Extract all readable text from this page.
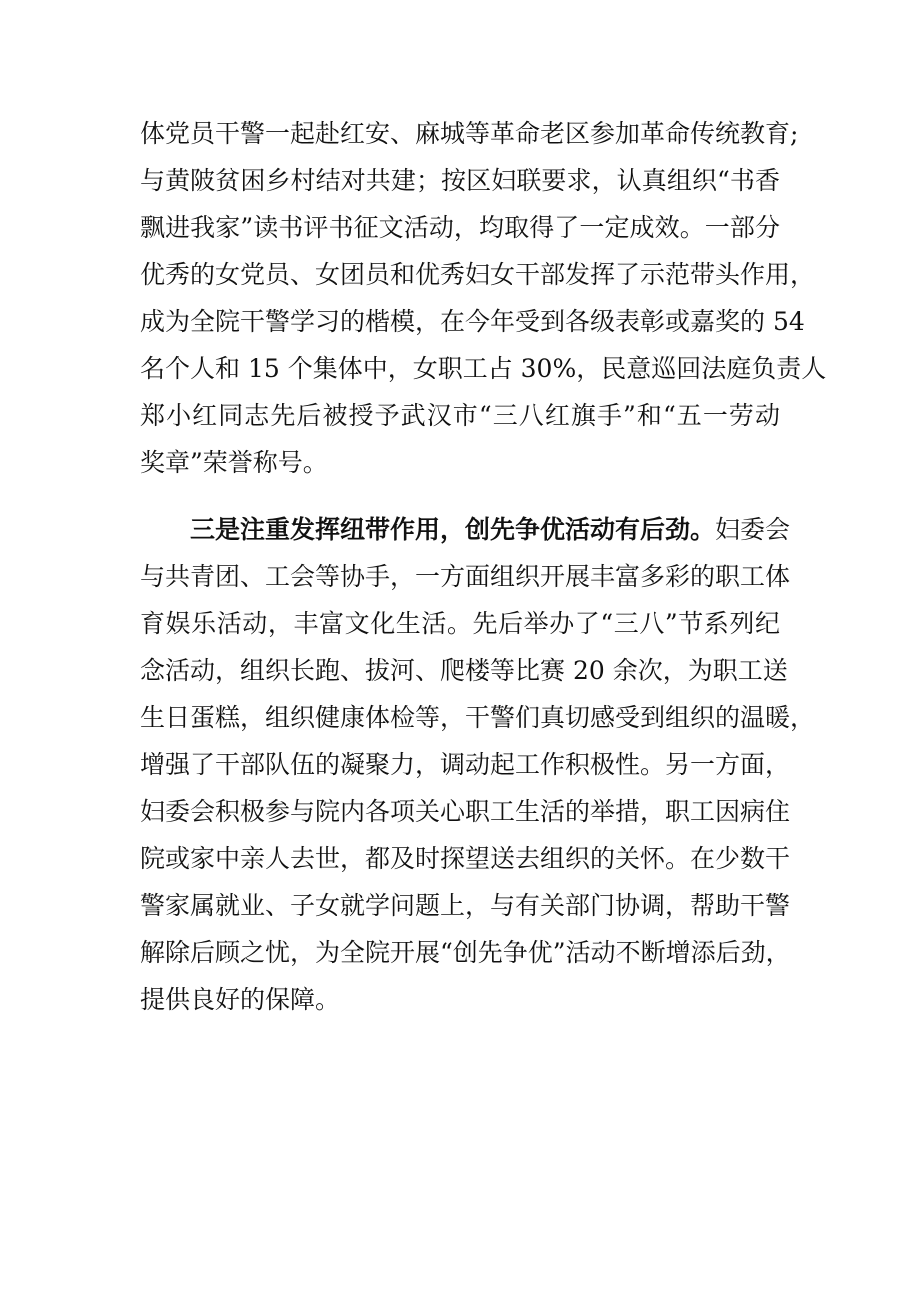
体党员干警一起赴红安、麻城等革命老区参加革命传统教育;
与黄陂贫困乡村结对共建；按区妇联要求，认真组织“书香
飘进我家”读书评书征文活动，均取得了一定成效。一部分
优秀的女党员、女团员和优秀妇女干部发挥了示范带头作用，
成为全院干警学习的楷模，在今年受到各级表彰或嘉奖的 54
名个人和 15 个集体中，女职工占 30%，民意巡回法庭负责人
郑小红同志先后被授予武汉市“三八红旗手”和“五一劳动
奖章”荣誉称号。
三是注重发挥纽带作用，创先争优活动有后劲。妇委会
与共青团、工会等协手，一方面组织开展丰富多彩的职工体
育娱乐活动，丰富文化生活。先后举办了“三八”节系列纪
念活动，组织长跑、拔河、爬楼等比赛 20 余次，为职工送
生日蛋糕，组织健康体检等，干警们真切感受到组织的温暖，
增强了干部队伍的凝聚力，调动起工作积极性。另一方面，
妇委会积极参与院内各项关心职工生活的举措，职工因病住
院或家中亲人去世，都及时探望送去组织的关怀。在少数干
警家属就业、子女就学问题上，与有关部门协调，帮助干警
解除后顾之忧，为全院开展“创先争优”活动不断增添后劲，
提供良好的保障。
